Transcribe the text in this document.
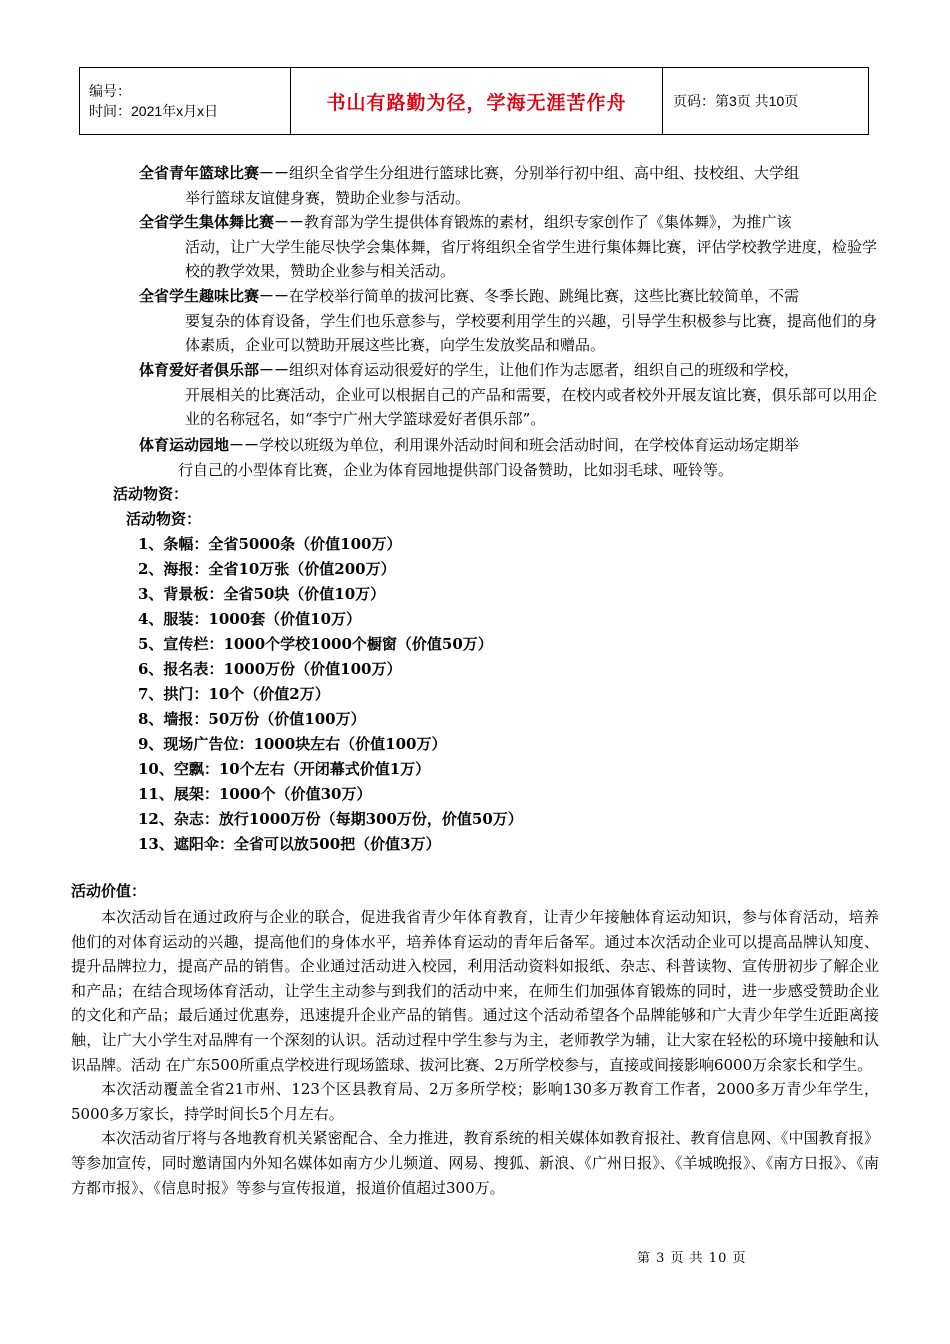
编号：
时间：2021年x月x日	书山有路勤为径，学海无涯苦作舟	页码：第3页 共10页
全省青年篮球比赛－－组织全省学生分组进行篮球比赛，分别举行初中组、高中组、技校组、大学组
举行篮球友谊健身赛，赞助企业参与活动。
全省学生集体舞比赛－－教育部为学生提供体育锻炼的素材，组织专家创作了《集体舞》，为推广该
活动，让广大学生能尽快学会集体舞，省厅将组织全省学生进行集体舞比赛，评估学校教学进度，检验学校的教学效果，赞助企业参与相关活动。
全省学生趣味比赛－－在学校举行简单的拔河比赛、冬季长跑、跳绳比赛，这些比赛比较简单，不需
要复杂的体育设备，学生们也乐意参与，学校要利用学生的兴趣，引导学生积极参与比赛，提高他们的身体素质，企业可以赞助开展这些比赛，向学生发放奖品和赠品。
体育爱好者俱乐部－－组织对体育运动很爱好的学生，让他们作为志愿者，组织自己的班级和学校，
开展相关的比赛活动，企业可以根据自己的产品和需要，在校内或者校外开展友谊比赛，俱乐部可以用企业的名称冠名，如“李宁广州大学篮球爱好者俱乐部”。
体育运动园地－－学校以班级为单位，利用课外活动时间和班会活动时间，在学校体育运动场定期举
行自己的小型体育比赛，企业为体育园地提供部门设备赞助，比如羽毛球、哑铃等。
活动物资：
活动物资：
1、条幅：全省5000条（价值100万）
2、海报：全省10万张（价值200万）
3、背景板：全省50块（价值10万）
4、服装：1000套（价值10万）
5、宣传栏：1000个学校1000个橱窗（价值50万）
6、报名表：1000万份（价值100万）
7、拱门：10个（价值2万）
8、墙报：50万份（价值100万）
9、现场广告位：1000块左右（价值100万）
10、空飘：10个左右（开闭幕式价值1万）
11、展架：1000个（价值30万）
12、杂志：放行1000万份（每期300万份，价值50万）
13、遮阳伞：全省可以放500把（价值3万）
活动价值：

本次活动旨在通过政府与企业的联合，促进我省青少年体育教育，让青少年接触体育运动知识，参与体育活动，培养他们的对体育运动的兴趣，提高他们的身体水平，培养体育运动的青年后备军。通过本次活动企业可以提高品牌认知度、提升品牌拉力，提高产品的销售。企业通过活动进入校园，利用活动资料如报纸、杂志、科普读物、宣传册初步了解企业和产品；在结合现场体育活动，让学生主动参与到我们的活动中来，在师生们加强体育锻炼的同时，进一步感受赞助企业的文化和产品；最后通过优惠券，迅速提升企业产品的销售。通过这个活动希望各个品牌能够和广大青少年学生近距离接触，让广大小学生对品牌有一个深刻的认识。活动过程中学生参与为主，老师教学为辅，让大家在轻松的环境中接触和认识品牌。活动 在广东500所重点学校进行现场篮球、拔河比赛、2万所学校参与，直接或间接影响6000万余家长和学生。

本次活动覆盖全省21市州、123个区县教育局、2万多所学校；影响130多万教育工作者，2000多万青少年学生，5000多万家长，持学时间长5个月左右。

本次活动省厅将与各地教育机关紧密配合、全力推进，教育系统的相关媒体如教育报社、教育信息网、《中国教育报》等参加宣传，同时邀请国内外知名媒体如南方少儿频道、网易、搜狐、新浪、《广州日报》、《羊城晚报》、《南方日报》、《南方都市报》、《信息时报》等参与宣传报道，报道价值超过300万。

第 3 页 共 10 页
